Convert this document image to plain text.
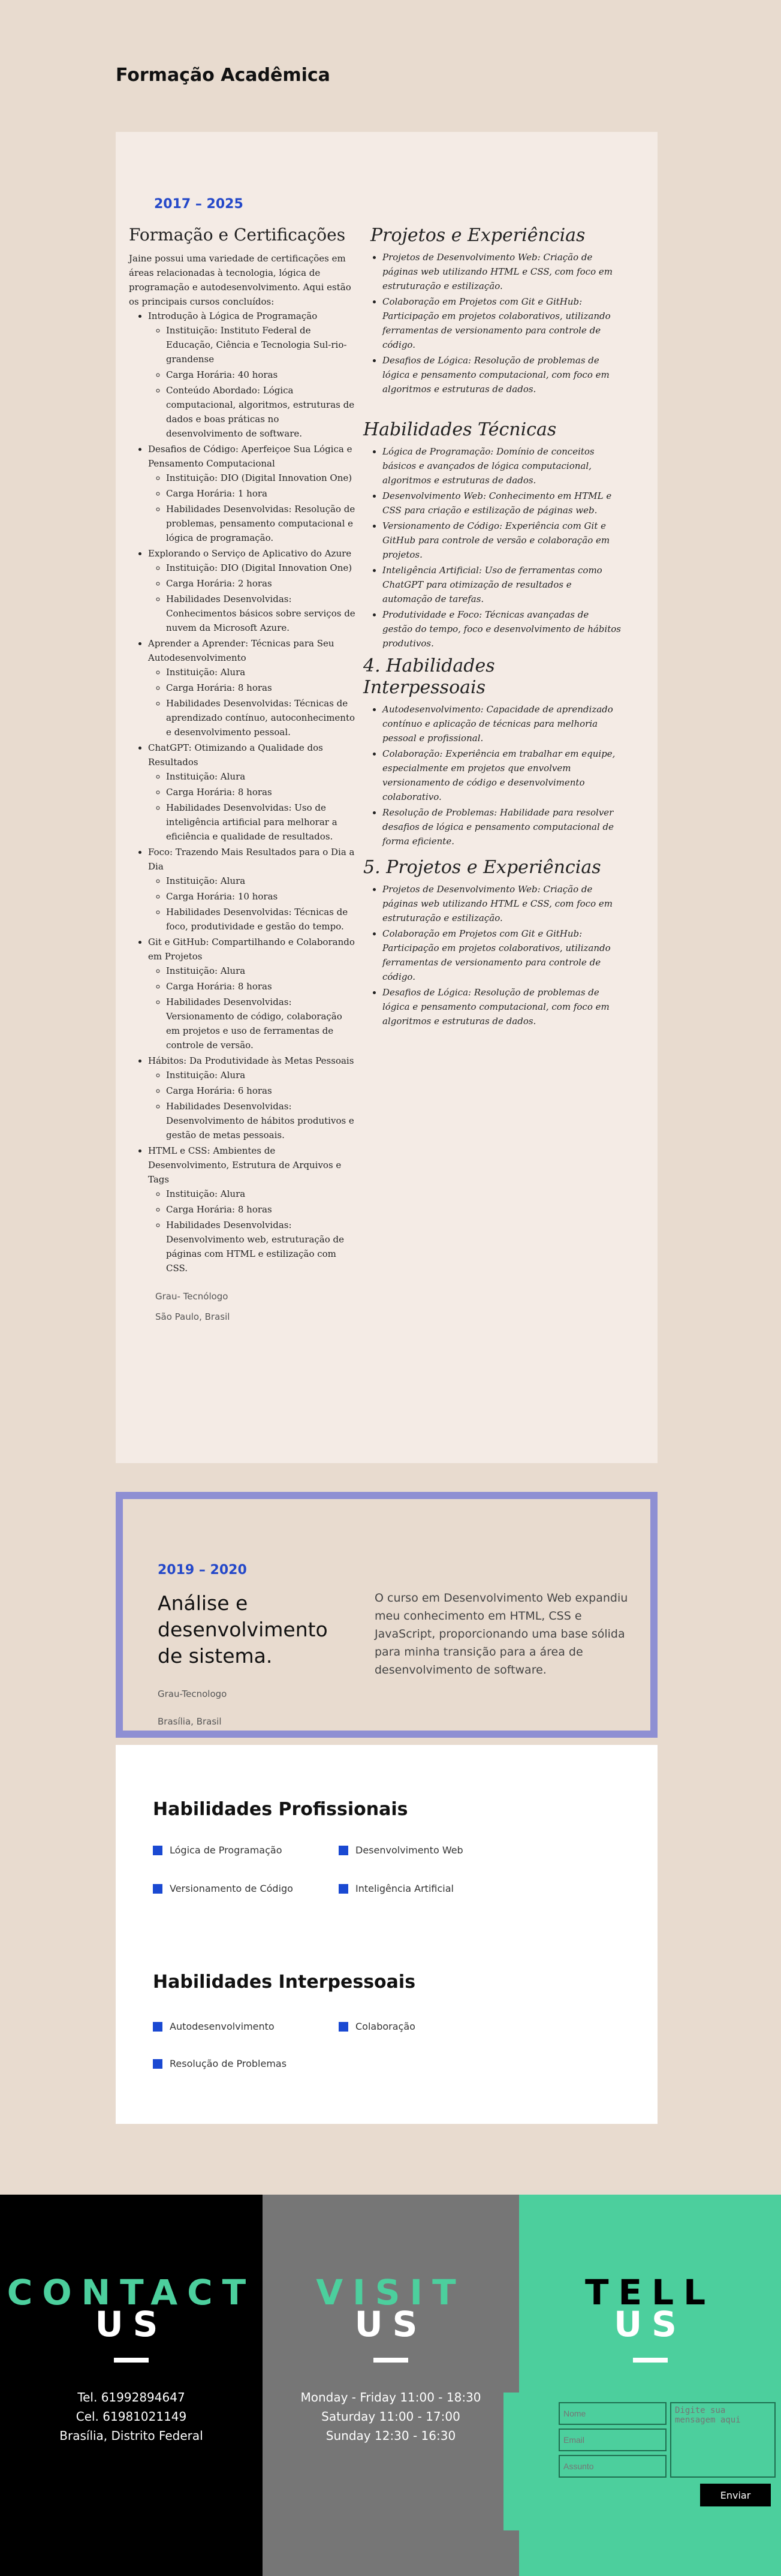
Formação Acadêmica
2017 – 2025
Formação e Certificações

Jaine possui uma variedade de certificações em áreas relacionadas à tecnologia, lógica de programação e autodesenvolvimento. Aqui estão os principais cursos concluídos:

• Introdução à Lógica de Programação
◦ Instituição: Instituto Federal de Educação, Ciência e Tecnologia Sul-rio-grandense
◦ Carga Horária: 40 horas
◦ Conteúdo Abordado: Lógica computacional, algoritmos, estruturas de dados e boas práticas no desenvolvimento de software.
• Desafios de Código: Aperfeiçoe Sua Lógica e Pensamento Computacional
◦ Instituição: DIO (Digital Innovation One)
◦ Carga Horária: 1 hora
◦ Habilidades Desenvolvidas: Resolução de problemas, pensamento computacional e lógica de programação.
• Explorando o Serviço de Aplicativo do Azure
◦ Instituição: DIO (Digital Innovation One)
◦ Carga Horária: 2 horas
◦ Habilidades Desenvolvidas: Conhecimentos básicos sobre serviços de nuvem da Microsoft Azure.
• Aprender a Aprender: Técnicas para Seu Autodesenvolvimento
◦ Instituição: Alura
◦ Carga Horária: 8 horas
◦ Habilidades Desenvolvidas: Técnicas de aprendizado contínuo, autoconhecimento e desenvolvimento pessoal.
• ChatGPT: Otimizando a Qualidade dos Resultados
◦ Instituição: Alura
◦ Carga Horária: 8 horas
◦ Habilidades Desenvolvidas: Uso de inteligência artificial para melhorar a eficiência e qualidade de resultados.
• Foco: Trazendo Mais Resultados para o Dia a Dia
◦ Instituição: Alura
◦ Carga Horária: 10 horas
◦ Habilidades Desenvolvidas: Técnicas de foco, produtividade e gestão do tempo.
• Git e GitHub: Compartilhando e Colaborando em Projetos
◦ Instituição: Alura
◦ Carga Horária: 8 horas
◦ Habilidades Desenvolvidas: Versionamento de código, colaboração em projetos e uso de ferramentas de controle de versão.
• Hábitos: Da Produtividade às Metas Pessoais
◦ Instituição: Alura
◦ Carga Horária: 6 horas
◦ Habilidades Desenvolvidas: Desenvolvimento de hábitos produtivos e gestão de metas pessoais.
• HTML e CSS: Ambientes de Desenvolvimento, Estrutura de Arquivos e Tags
◦ Instituição: Alura
◦ Carga Horária: 8 horas
◦ Habilidades Desenvolvidas: Desenvolvimento web, estruturação de páginas com HTML e estilização com CSS.
Grau- Tecnólogo
São Paulo, Brasil
Projetos e Experiências
• Projetos de Desenvolvimento Web: Criação de páginas web utilizando HTML e CSS, com foco em estruturação e estilização.
• Colaboração em Projetos com Git e GitHub: Participação em projetos colaborativos, utilizando ferramentas de versionamento para controle de código.
• Desafios de Lógica: Resolução de problemas de lógica e pensamento computacional, com foco em algoritmos e estruturas de dados.
Habilidades Técnicas
• Lógica de Programação: Domínio de conceitos básicos e avançados de lógica computacional, algoritmos e estruturas de dados.
• Desenvolvimento Web: Conhecimento em HTML e CSS para criação e estilização de páginas web.
• Versionamento de Código: Experiência com Git e GitHub para controle de versão e colaboração em projetos.
• Inteligência Artificial: Uso de ferramentas como ChatGPT para otimização de resultados e automação de tarefas.
• Produtividade e Foco: Técnicas avançadas de gestão do tempo, foco e desenvolvimento de hábitos produtivos.
4. Habilidades Interpessoais
• Autodesenvolvimento: Capacidade de aprendizado contínuo e aplicação de técnicas para melhoria pessoal e profissional.
• Colaboração: Experiência em trabalhar em equipe, especialmente em projetos que envolvem versionamento de código e desenvolvimento colaborativo.
• Resolução de Problemas: Habilidade para resolver desafios de lógica e pensamento computacional de forma eficiente.
5. Projetos e Experiências
• Projetos de Desenvolvimento Web: Criação de páginas web utilizando HTML e CSS, com foco em estruturação e estilização.
• Colaboração em Projetos com Git e GitHub: Participação em projetos colaborativos, utilizando ferramentas de versionamento para controle de código.
• Desafios de Lógica: Resolução de problemas de lógica e pensamento computacional, com foco em algoritmos e estruturas de dados.
2019 – 2020
Análise e desenvolvimento de sistema.
Grau-Tecnologo
Brasília, Brasil
O curso em Desenvolvimento Web expandiu meu conhecimento em HTML, CSS e JavaScript, proporcionando uma base sólida para minha transição para a área de desenvolvimento de software.
Habilidades Profissionais
Lógica de Programação	Desenvolvimento Web
Versionamento de Código	Inteligência Artificial
Habilidades Interpessoais
Autodesenvolvimento	Colaboração
Resolução de Problemas
CONTACT
US
Tel. 61992894647
Cel. 61981021149
Brasília, Distrito Federal
VISIT
US
Monday - Friday 11:00 - 18:30
Saturday 11:00 - 17:00
Sunday 12:30 - 16:30
TELL
US
Nome
Email
Assunto
Digite sua mensagem aqui
Enviar
